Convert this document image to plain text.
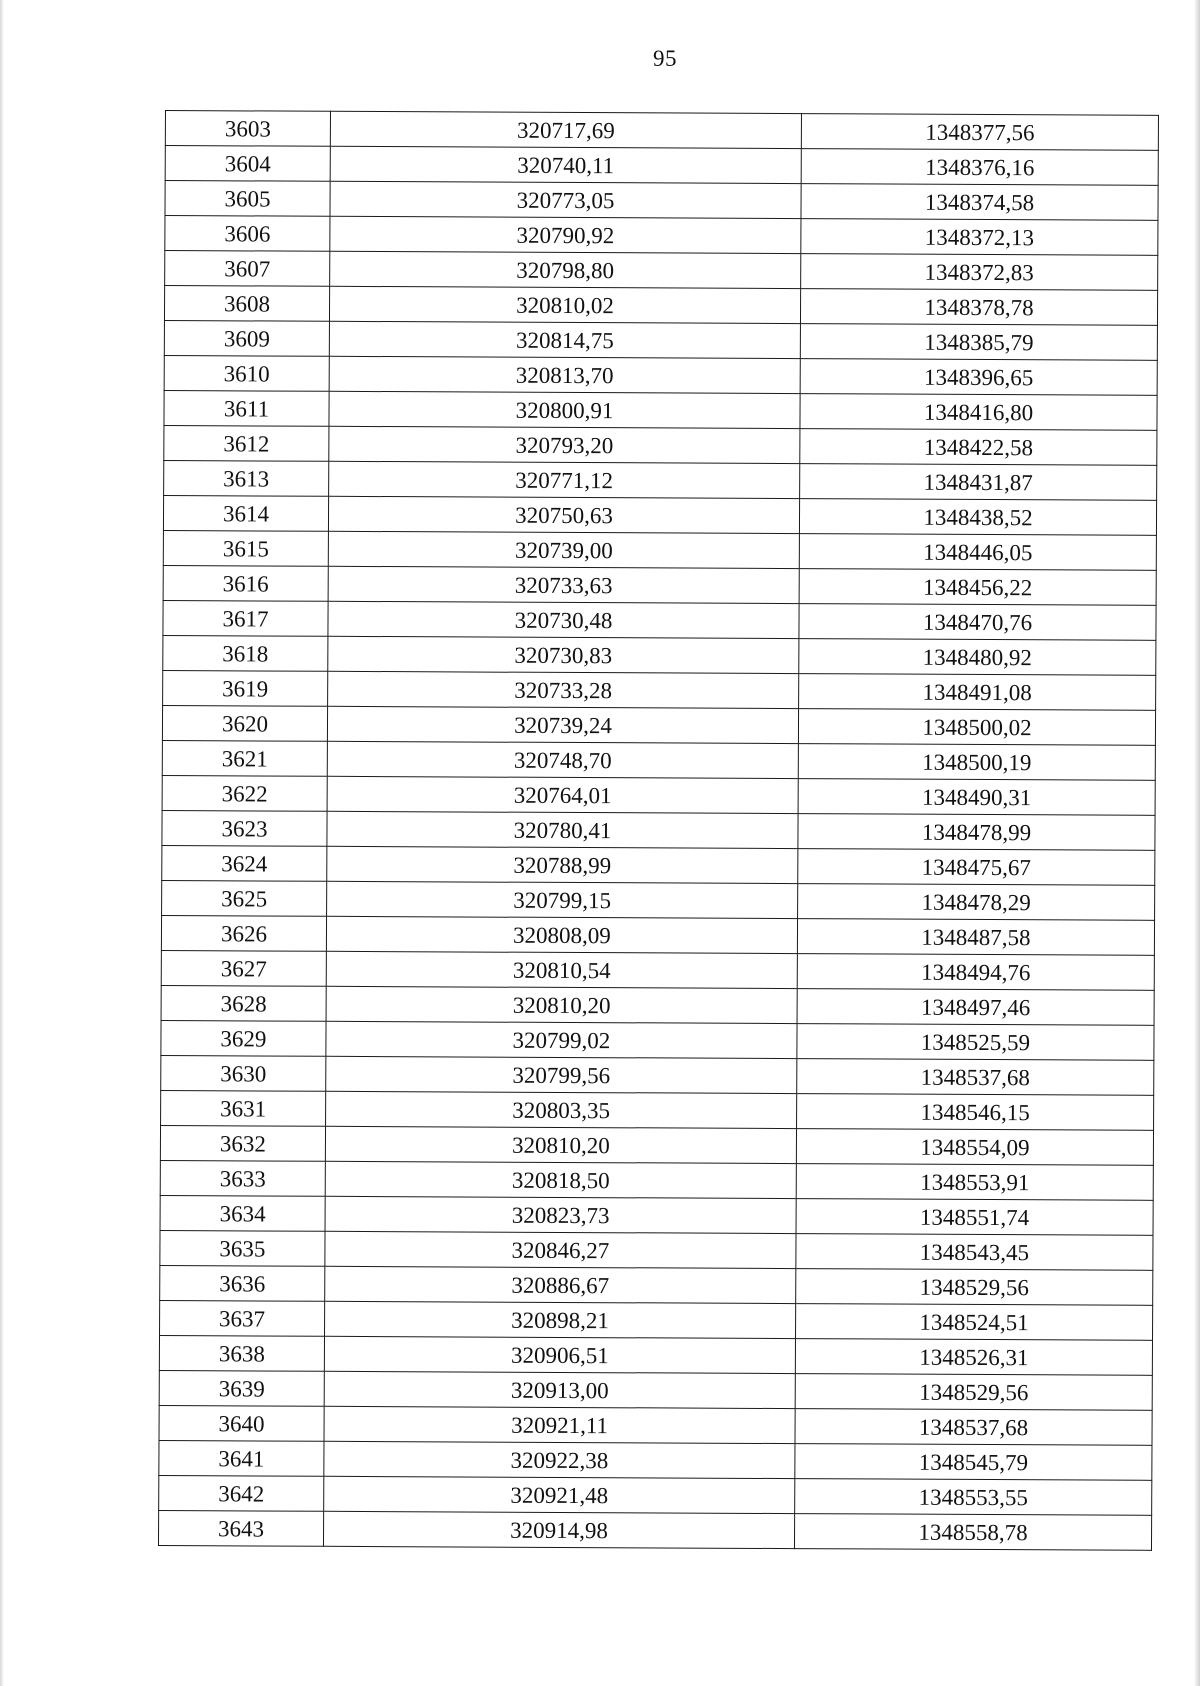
95
3603	320717,69	1348377,56
3604	320740,11	1348376,16
3605	320773,05	1348374,58
3606	320790,92	1348372,13
3607	320798,80	1348372,83
3608	320810,02	1348378,78
3609	320814,75	1348385,79
3610	320813,70	1348396,65
3611	320800,91	1348416,80
3612	320793,20	1348422,58
3613	320771,12	1348431,87
3614	320750,63	1348438,52
3615	320739,00	1348446,05
3616	320733,63	1348456,22
3617	320730,48	1348470,76
3618	320730,83	1348480,92
3619	320733,28	1348491,08
3620	320739,24	1348500,02
3621	320748,70	1348500,19
3622	320764,01	1348490,31
3623	320780,41	1348478,99
3624	320788,99	1348475,67
3625	320799,15	1348478,29
3626	320808,09	1348487,58
3627	320810,54	1348494,76
3628	320810,20	1348497,46
3629	320799,02	1348525,59
3630	320799,56	1348537,68
3631	320803,35	1348546,15
3632	320810,20	1348554,09
3633	320818,50	1348553,91
3634	320823,73	1348551,74
3635	320846,27	1348543,45
3636	320886,67	1348529,56
3637	320898,21	1348524,51
3638	320906,51	1348526,31
3639	320913,00	1348529,56
3640	320921,11	1348537,68
3641	320922,38	1348545,79
3642	320921,48	1348553,55
3643	320914,98	1348558,78
